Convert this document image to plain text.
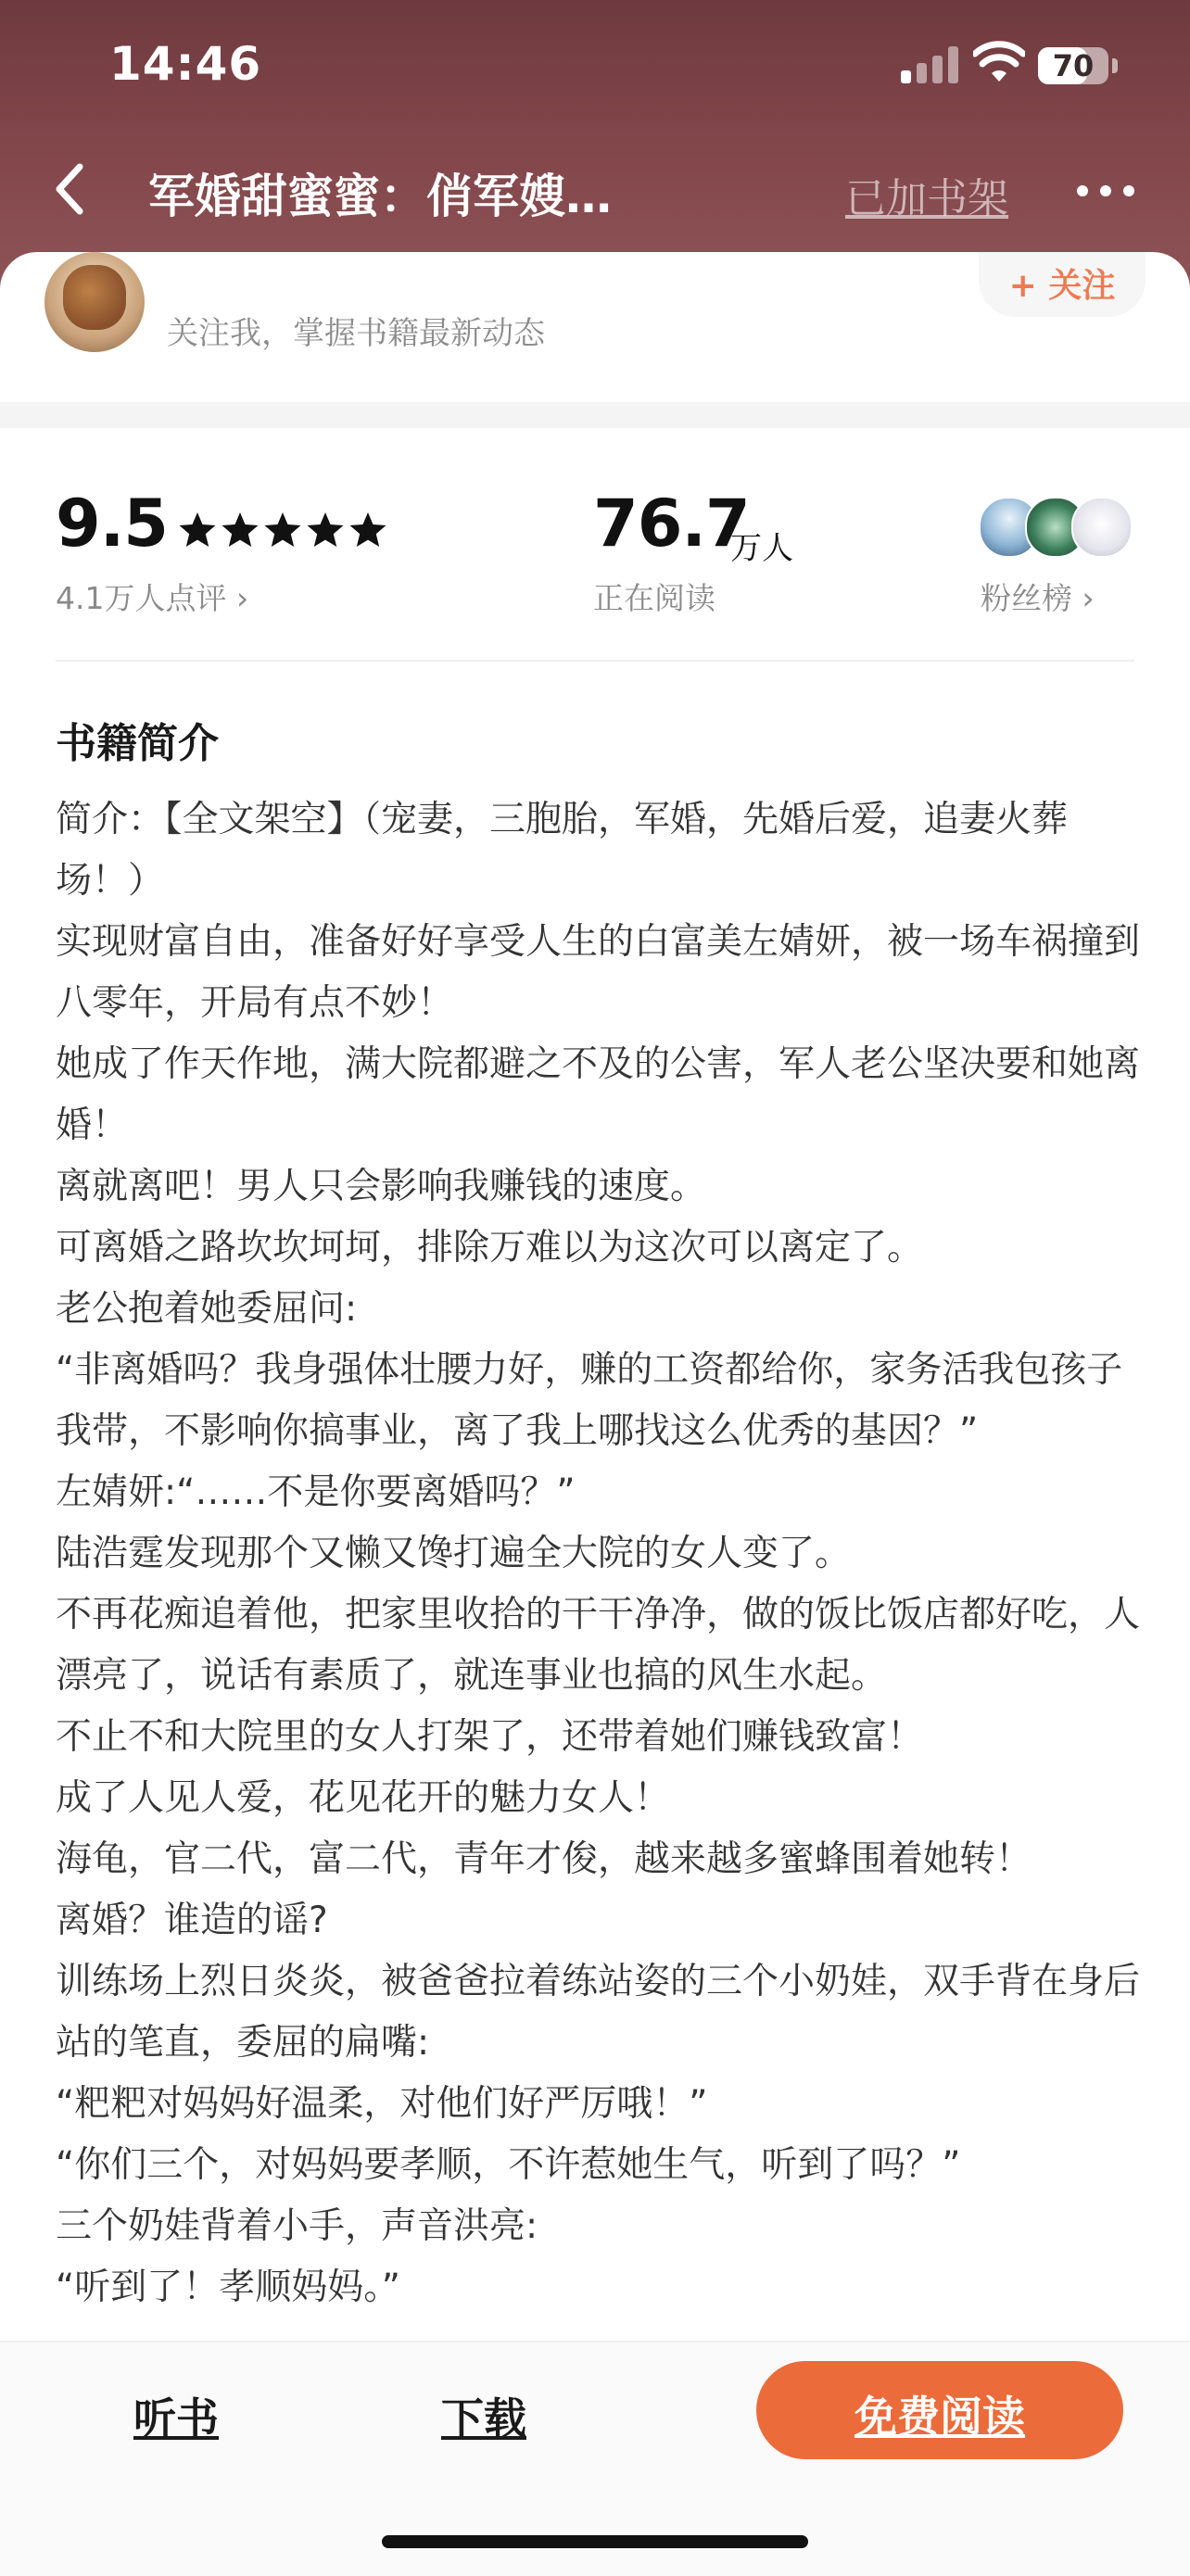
14:46	70
军婚甜蜜蜜：俏军嫂…	已加书架
关注我，掌握书籍最新动态
+ 关注
9.5
4.1万人点评 ›
76.7
万人
正在阅读	粉丝榜 ›
书籍简介

简介：【全文架空】（宠妻，三胞胎，军婚，先婚后爱，追妻火葬场！）

实现财富自由，准备好好享受人生的白富美左婧妍，被一场车祸撞到八零年，开局有点不妙！

她成了作天作地，满大院都避之不及的公害，军人老公坚决要和她离婚！

离就离吧！男人只会影响我赚钱的速度。

可离婚之路坎坎坷坷，排除万难以为这次可以离定了。

老公抱着她委屈问:

“非离婚吗？我身强体壮腰力好，赚的工资都给你，家务活我包孩子我带，不影响你搞事业，离了我上哪找这么优秀的基因？”

左婧妍:“……不是你要离婚吗？”

陆浩霆发现那个又懒又馋打遍全大院的女人变了。

不再花痴追着他，把家里收拾的干干净净，做的饭比饭店都好吃，人漂亮了，说话有素质了，就连事业也搞的风生水起。

不止不和大院里的女人打架了，还带着她们赚钱致富！

成了人见人爱，花见花开的魅力女人！

海龟，官二代，富二代，青年才俊，越来越多蜜蜂围着她转！

离婚？谁造的谣?

训练场上烈日炎炎，被爸爸拉着练站姿的三个小奶娃，双手背在身后站的笔直，委屈的扁嘴:

“粑粑对妈妈好温柔，对他们好严厉哦！”

“你们三个，对妈妈要孝顺，不许惹她生气，听到了吗？”

三个奶娃背着小手，声音洪亮:

“听到了！孝顺妈妈。”

听书	下载	免费阅读
